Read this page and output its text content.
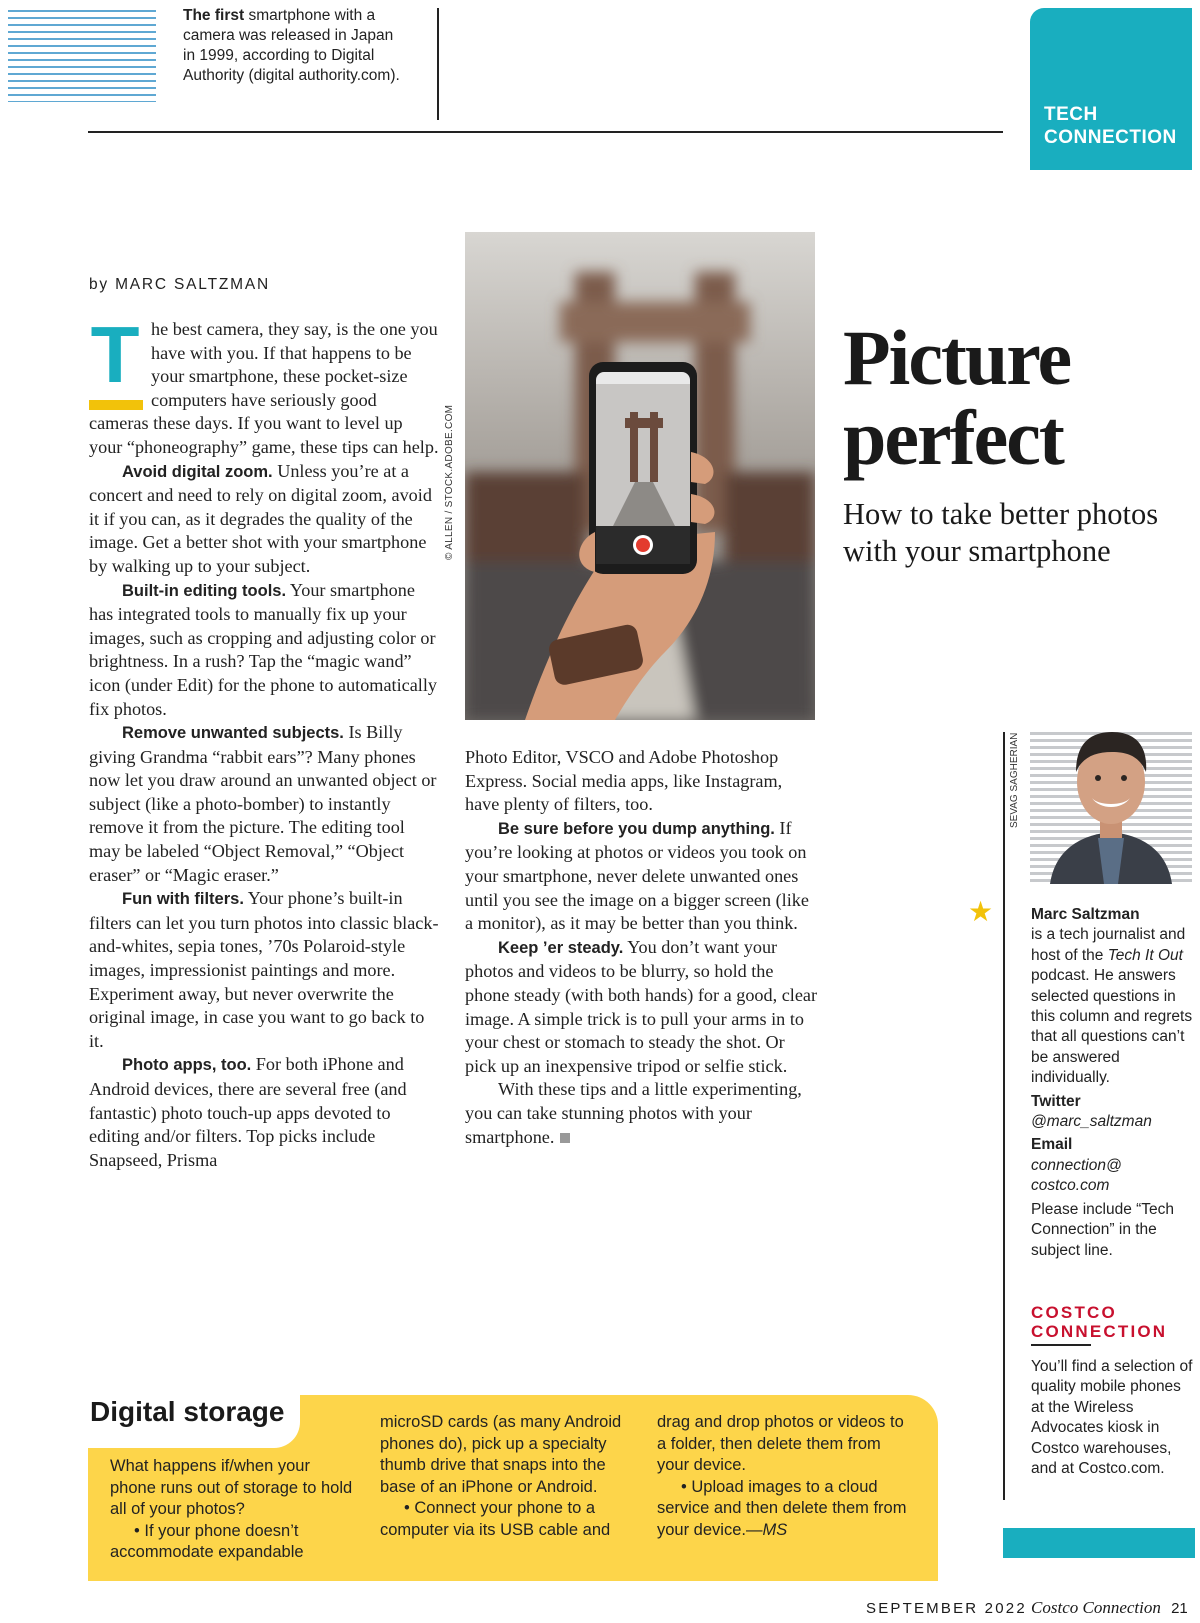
The first smartphone with a camera was released in Japan in 1999, according to Digital Authority (digital authority.com).
TECH CONNECTION
by MARC SALTZMAN
T he best camera, they say, is the one you have with you. If that happens to be your smartphone, these pocket-size computers have seriously good cameras these days. If you want to level up your “phoneography” game, these tips can help.

Avoid digital zoom. Unless you’re at a concert and need to rely on digital zoom, avoid it if you can, as it degrades the quality of the image. Get a better shot with your smartphone by walking up to your subject.

Built-in editing tools. Your smartphone has integrated tools to manually fix up your images, such as cropping and adjusting color or brightness. In a rush? Tap the “magic wand” icon (under Edit) for the phone to automatically fix photos.

Remove unwanted subjects. Is Billy giving Grandma “rabbit ears”? Many phones now let you draw around an unwanted object or subject (like a photo-bomber) to instantly remove it from the picture. The editing tool may be labeled “Object Removal,” “Object eraser” or “Magic eraser.”

Fun with filters. Your phone’s built-in filters can let you turn photos into classic black-and-whites, sepia tones, ’70s Polaroid-style images, impressionist paintings and more. Experiment away, but never overwrite the original image, in case you want to go back to it.

Photo apps, too. For both iPhone and Android devices, there are several free (and fantastic) photo touch-up apps devoted to editing and/or filters. Top picks include Snapseed, Prisma

© ALLEN / STOCK.ADOBE.COM
Picture perfect
How to take better photos with your smartphone

Photo Editor, VSCO and Adobe Photoshop Express. Social media apps, like Instagram, have plenty of filters, too.

Be sure before you dump anything. If you’re looking at photos or videos you took on your smartphone, never delete unwanted ones until you see the image on a bigger screen (like a monitor), as it may be better than you think.

Keep ’er steady. You don’t want your photos and videos to be blurry, so hold the phone steady (with both hands) for a good, clear image. A simple trick is to pull your arms in to your chest or stomach to steady the shot. Or pick up an inexpensive tripod or selfie stick.

With these tips and a little experimenting, you can take stunning photos with your smartphone.

SEVAG SAGHERIAN
★ Marc Saltzman

is a tech journalist and host of the Tech It Out podcast. He answers selected questions in this column and regrets that all questions can’t be answered individually.

Twitter

@marc_saltzman

Email

connection@ costco.com

Please include “Tech Connection” in the subject line.

COSTCO CONNECTION
You’ll find a selection of quality mobile phones at the Wireless Advocates kiosk in Costco warehouses, and at Costco.com.
Digital storage

What happens if/when your phone runs out of storage to hold all of your photos?

• If your phone doesn’t accommodate expandable

microSD cards (as many Android phones do), pick up a specialty thumb drive that snaps into the base of an iPhone or Android.

• Connect your phone to a computer via its USB cable and

drag and drop photos or videos to a folder, then delete them from your device.

• Upload images to a cloud service and then delete them from your device.—MS

SEPTEMBER 2022 Costco Connection 21
